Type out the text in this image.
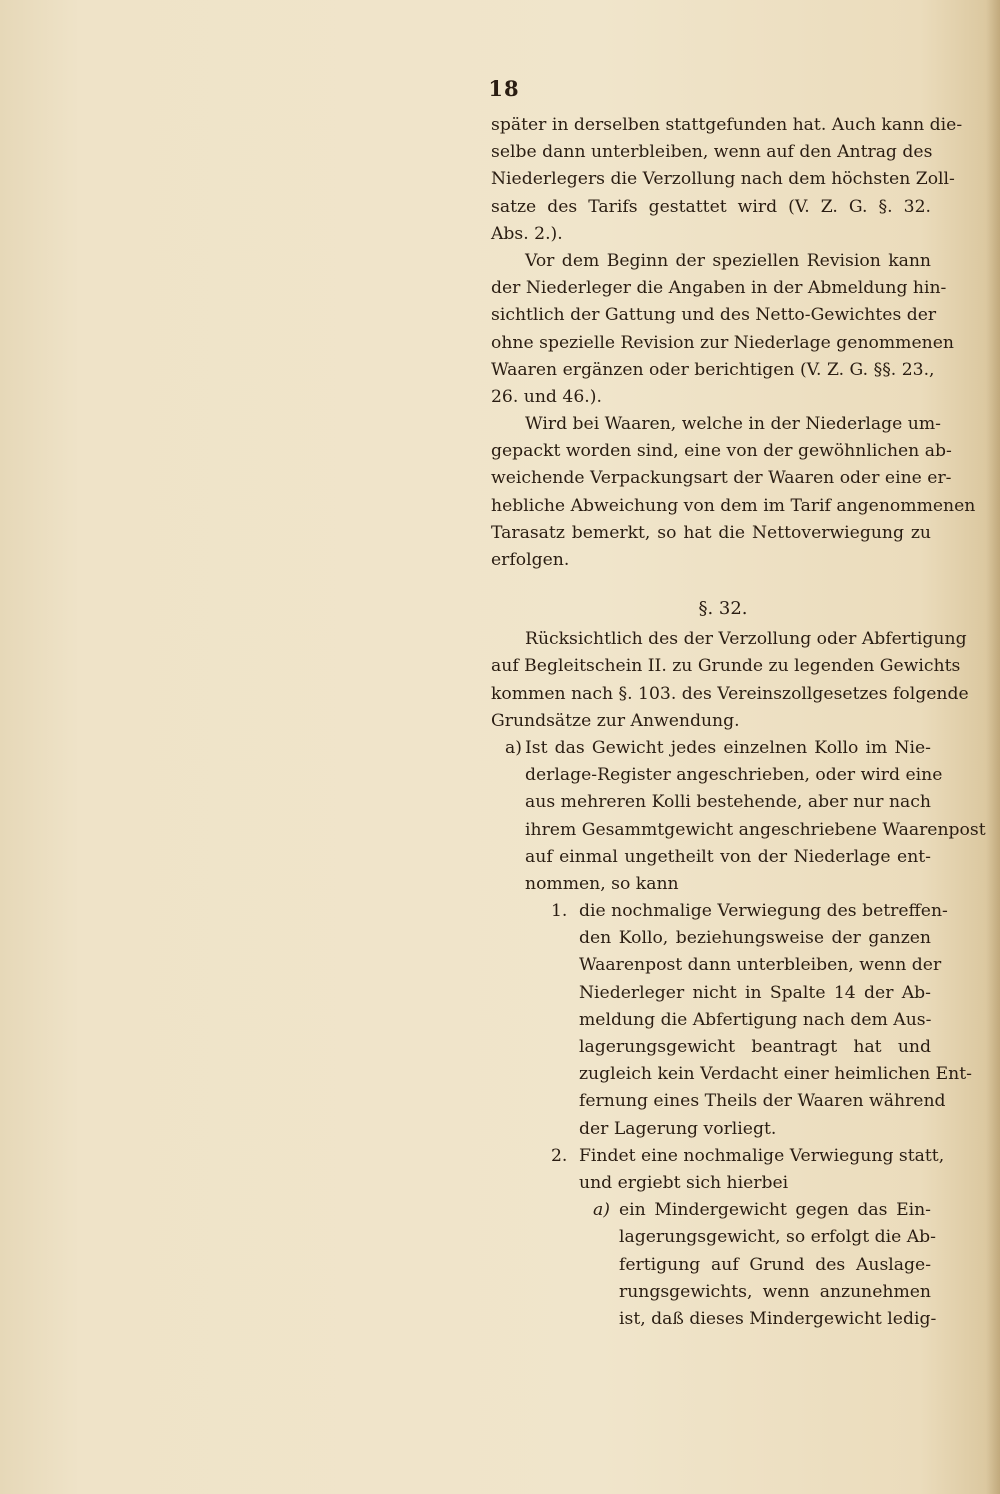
18
später in derselben stattgefunden hat. Auch kann die-
selbe dann unterbleiben, wenn auf den Antrag des
Niederlegers die Verzollung nach dem höchsten Zoll-
satze des Tarifs gestattet wird (V. Z. G. §. 32.
Abs. 2.).
Vor dem Beginn der speziellen Revision kann
der Niederleger die Angaben in der Abmeldung hin-
sichtlich der Gattung und des Netto-Gewichtes der
ohne spezielle Revision zur Niederlage genommenen
Waaren ergänzen oder berichtigen (V. Z. G. §§. 23.,
26. und 46.).
Wird bei Waaren, welche in der Niederlage um-
gepackt worden sind, eine von der gewöhnlichen ab-
weichende Verpackungsart der Waaren oder eine er-
hebliche Abweichung von dem im Tarif angenommenen
Tarasatz bemerkt, so hat die Nettoverwiegung zu
erfolgen.
§. 32.
Rücksichtlich des der Verzollung oder Abfertigung
auf Begleitschein II. zu Grunde zu legenden Gewichts
kommen nach §. 103. des Vereinszollgesetzes folgende
Grundsätze zur Anwendung.
a) Ist das Gewicht jedes einzelnen Kollo im Nie-
derlage-Register angeschrieben, oder wird eine
aus mehreren Kolli bestehende, aber nur nach
ihrem Gesammtgewicht angeschriebene Waarenpost
auf einmal ungetheilt von der Niederlage ent-
nommen, so kann
1. die nochmalige Verwiegung des betreffen-
den Kollo, beziehungsweise der ganzen
Waarenpost dann unterbleiben, wenn der
Niederleger nicht in Spalte 14 der Ab-
meldung die Abfertigung nach dem Aus-
lagerungsgewicht beantragt hat und
zugleich kein Verdacht einer heimlichen Ent-
fernung eines Theils der Waaren während
der Lagerung vorliegt.
2. Findet eine nochmalige Verwiegung statt,
und ergiebt sich hierbei
a) ein Mindergewicht gegen das Ein-
lagerungsgewicht, so erfolgt die Ab-
fertigung auf Grund des Auslage-
rungsgewichts, wenn anzunehmen
ist, daß dieses Mindergewicht ledig-
